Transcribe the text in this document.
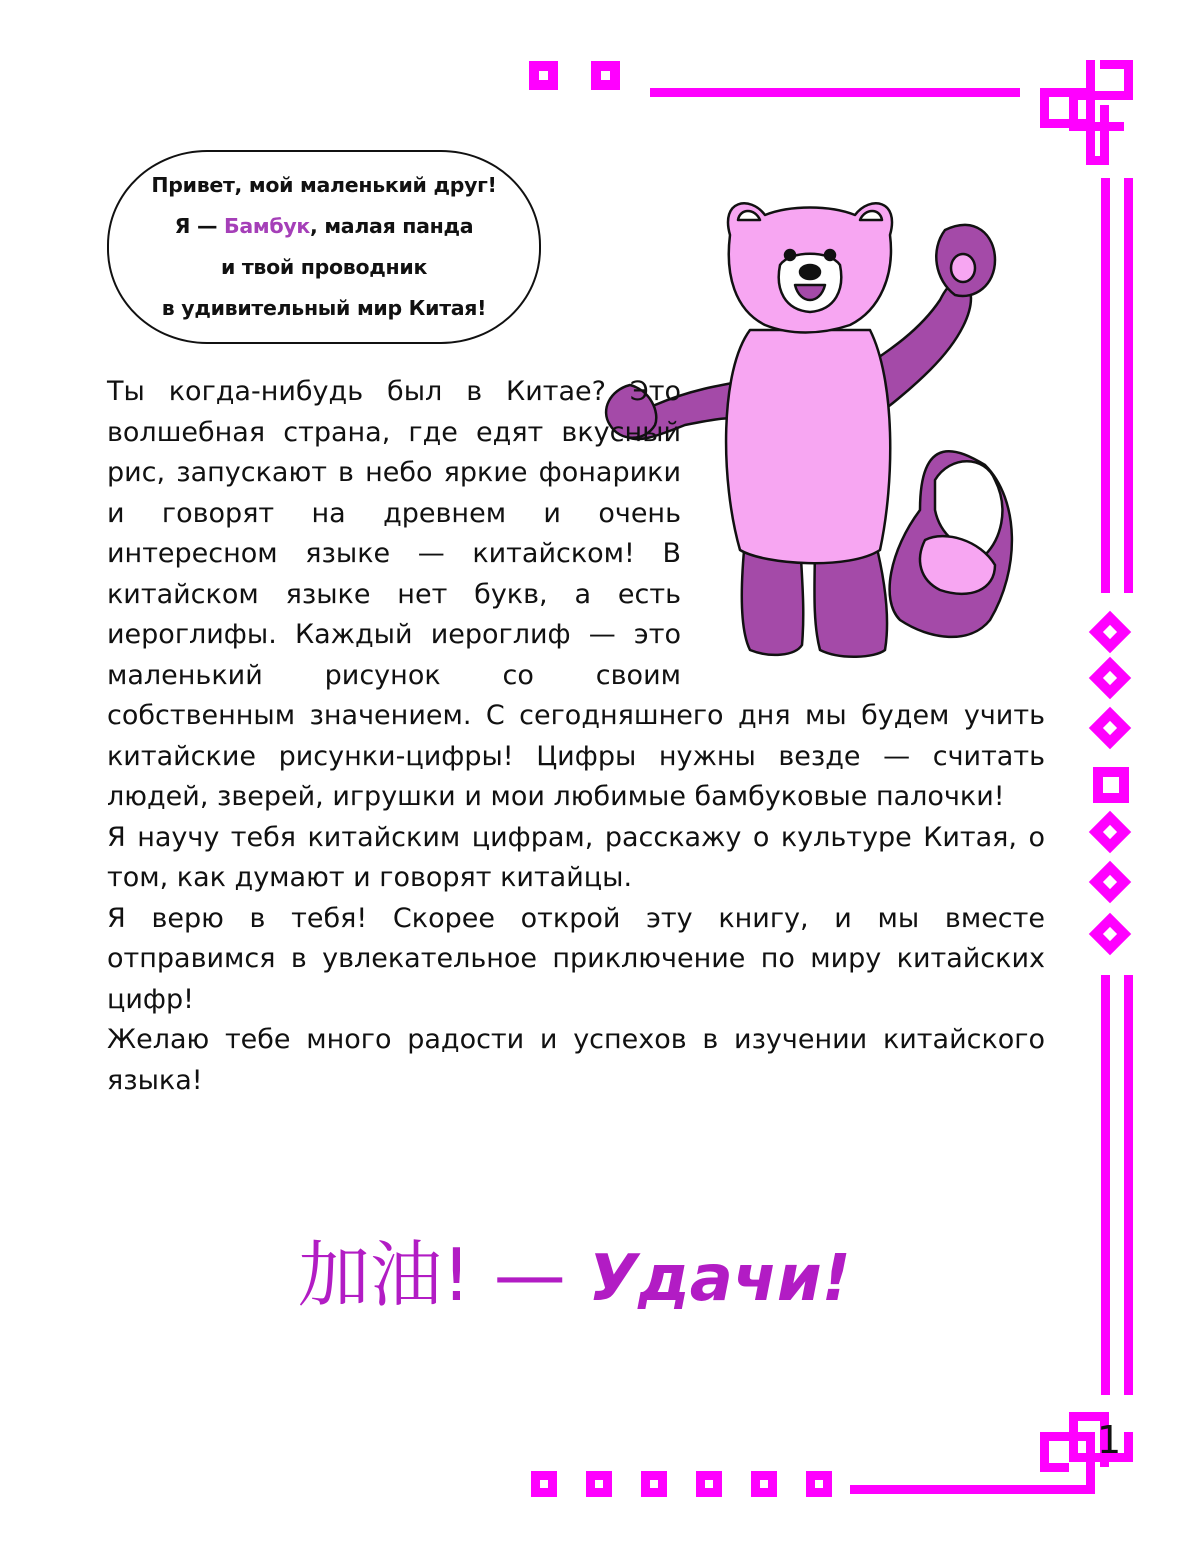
Привет, мой маленький друг!
Я — Бамбук, малая панда
и твой проводник
в удивительный мир Китая!

Ты когда-нибудь был в Китае? Это волшебная страна, где едят вкусный рис, запускают в небо яркие фонарики и говорят на древнем и очень интересном языке — китайском! В китайском языке нет букв, а есть иероглифы. Каждый иероглиф — это маленький рисунок со своим собственным значением. С сегодняшнего дня мы будем учить китайские рисунки-цифры! Цифры нужны везде — считать людей, зверей, игрушки и мои любимые бамбуковые палочки!

Я научу тебя китайским цифрам, расскажу о культуре Китая, о том, как думают и говорят китайцы.

Я верю в тебя! Скорее открой эту книгу, и мы вместе отправимся в увлекательное приключение по миру китайских цифр!

Желаю тебе много радости и успехов в изучении китайского языка!

加油! — Удачи!
1
